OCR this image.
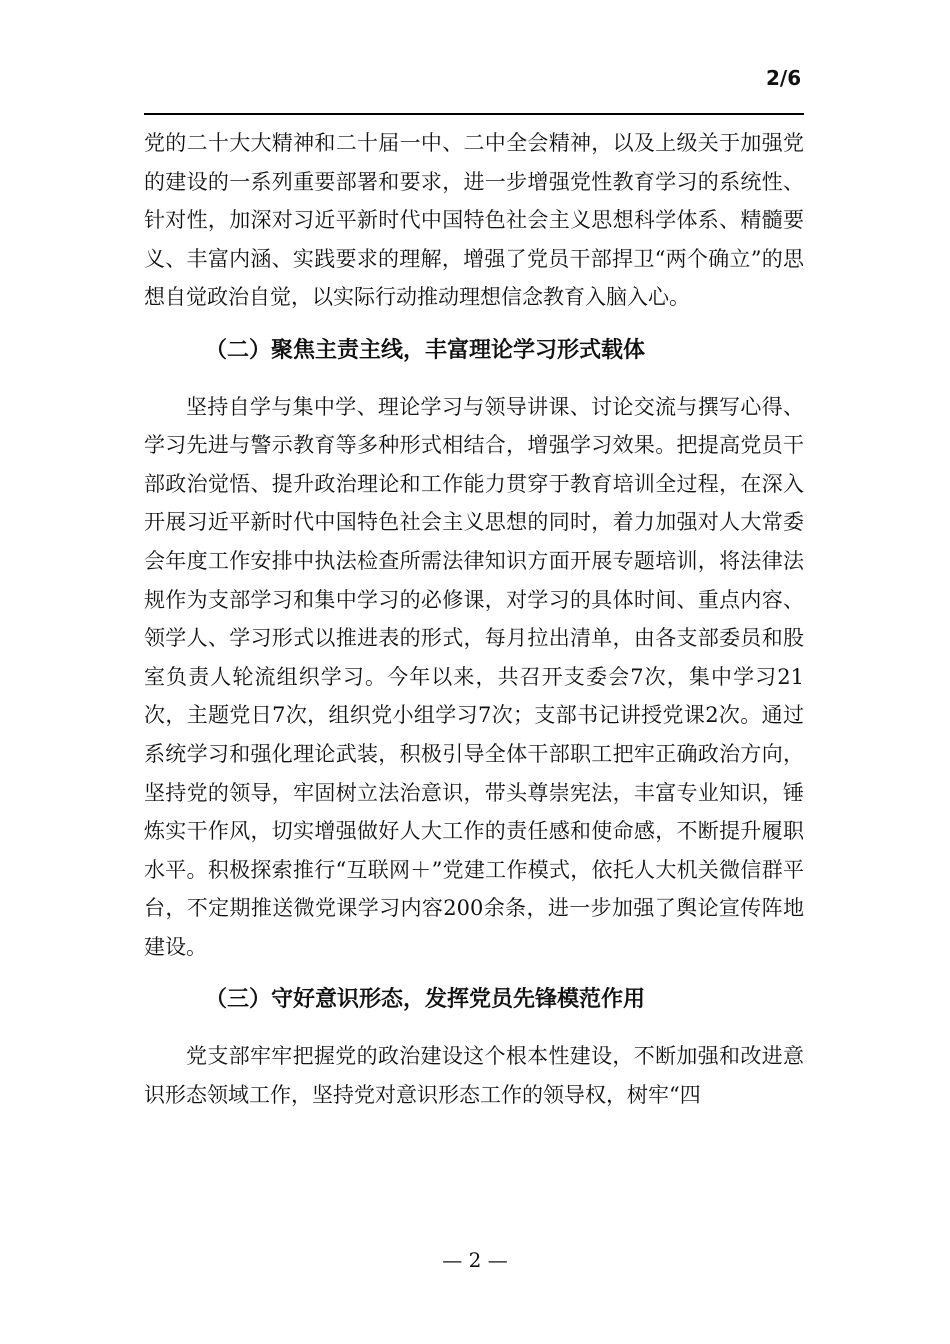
2/6

党的二十大大精神和二十届一中、二中全会精神，以及上级关于加强党的建设的一系列重要部署和要求，进一步增强党性教育学习的系统性、针对性，加深对习近平新时代中国特色社会主义思想科学体系、精髓要义、丰富内涵、实践要求的理解，增强了党员干部捍卫“两个确立”的思想自觉政治自觉，以实际行动推动理想信念教育入脑入心。

（二）聚焦主责主线，丰富理论学习形式载体

坚持自学与集中学、理论学习与领导讲课、讨论交流与撰写心得、学习先进与警示教育等多种形式相结合，增强学习效果。把提高党员干部政治觉悟、提升政治理论和工作能力贯穿于教育培训全过程，在深入开展习近平新时代中国特色社会主义思想的同时，着力加强对人大常委会年度工作安排中执法检查所需法律知识方面开展专题培训，将法律法规作为支部学习和集中学习的必修课，对学习的具体时间、重点内容、领学人、学习形式以推进表的形式，每月拉出清单，由各支部委员和股室负责人轮流组织学习。今年以来，共召开支委会7次，集中学习21次，主题党日7次，组织党小组学习7次；支部书记讲授党课2次。通过系统学习和强化理论武装，积极引导全体干部职工把牢正确政治方向，坚持党的领导，牢固树立法治意识，带头尊崇宪法，丰富专业知识，锤炼实干作风，切实增强做好人大工作的责任感和使命感，不断提升履职水平。积极探索推行“互联网＋”党建工作模式，依托人大机关微信群平台，不定期推送微党课学习内容200余条，进一步加强了舆论宣传阵地建设。

（三）守好意识形态，发挥党员先锋模范作用

党支部牢牢把握党的政治建设这个根本性建设，不断加强和改进意识形态领域工作，坚持党对意识形态工作的领导权，树牢“四

— 2 —
